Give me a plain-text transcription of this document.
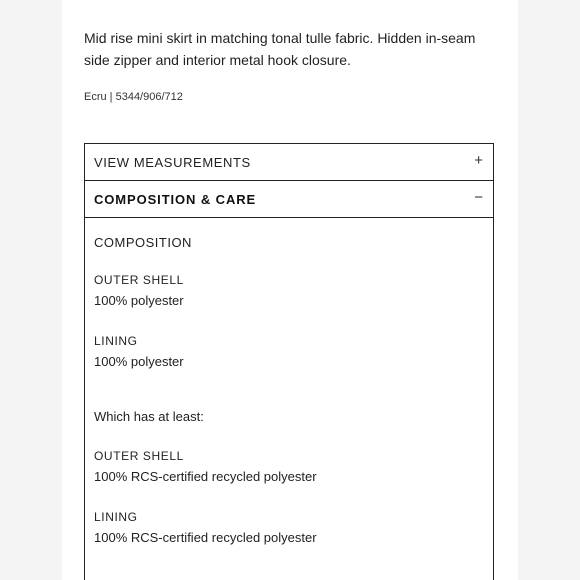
Mid rise mini skirt in matching tonal tulle fabric. Hidden in-seam side zipper and interior metal hook closure.

Ecru | 5344/906/712
VIEW MEASUREMENTS	+
COMPOSITION & CARE	−
COMPOSITION
OUTER SHELL
100% polyester
LINING
100% polyester
Which has at least:
OUTER SHELL
100% RCS-certified recycled polyester
LINING
100% RCS-certified recycled polyester
